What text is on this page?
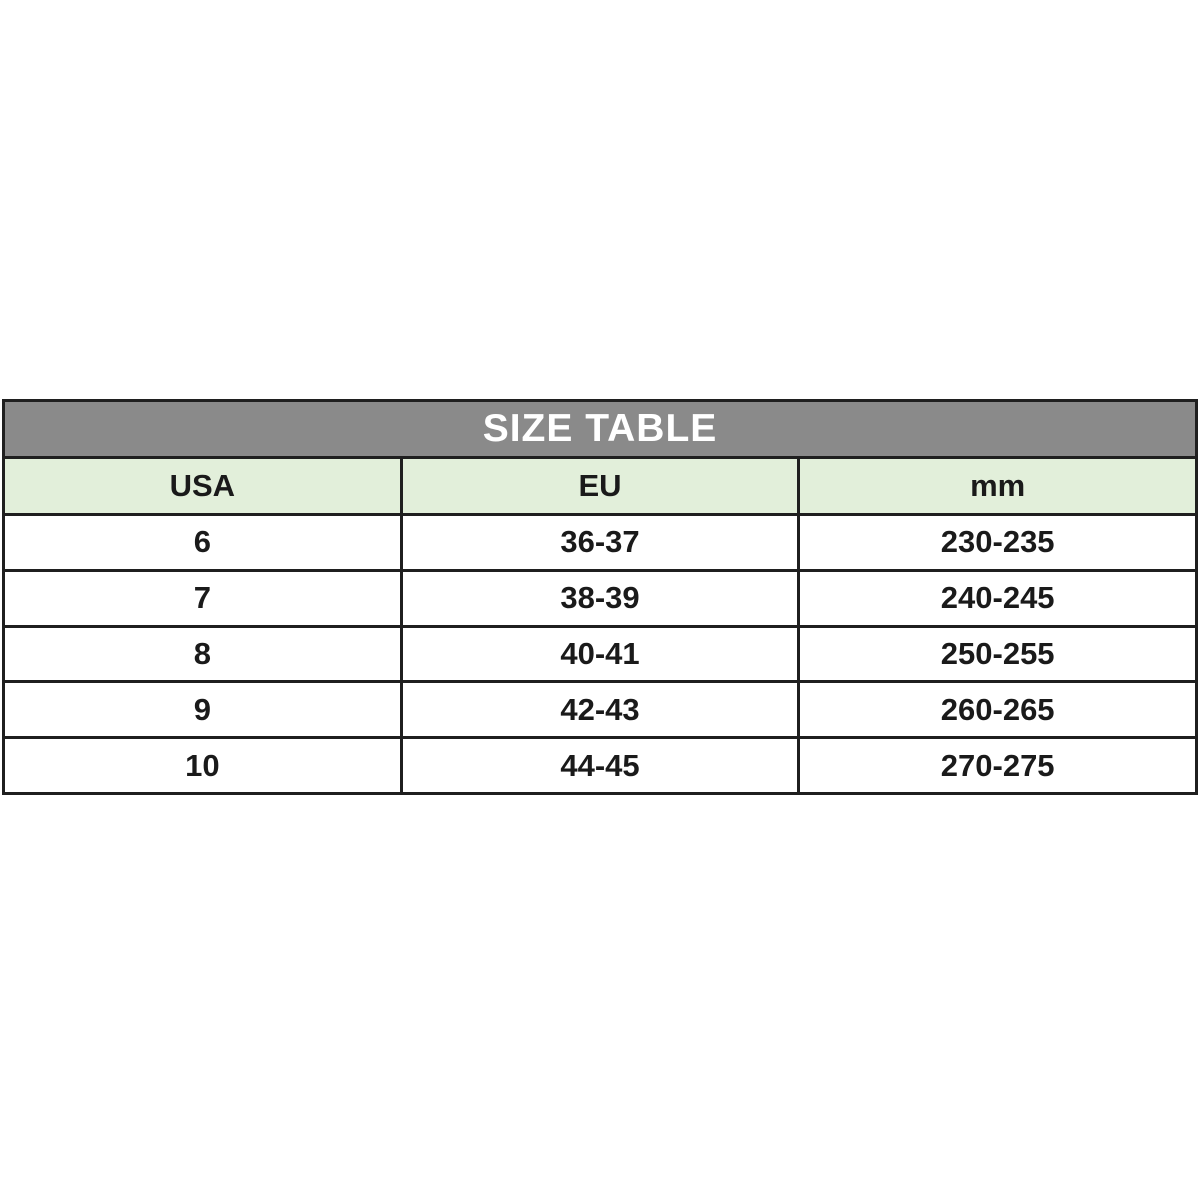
SIZE TABLE
USA	EU	mm
6	36-37	230-235
7	38-39	240-245
8	40-41	250-255
9	42-43	260-265
10	44-45	270-275
